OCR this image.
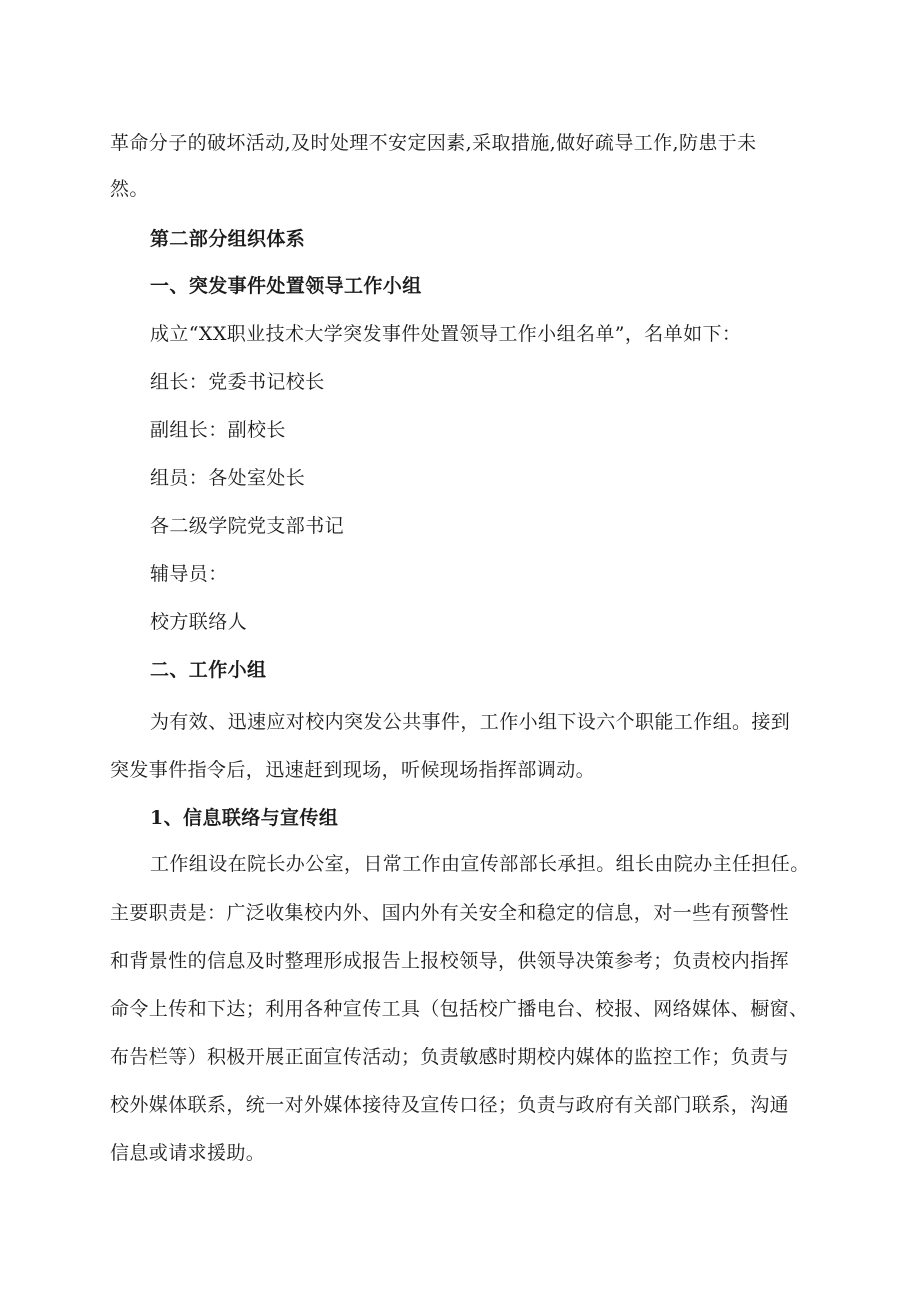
革命分子的破坏活动,及时处理不安定因素,采取措施,做好疏导工作,防患于未
然。
第二部分组织体系
一、突发事件处置领导工作小组
成立“XX职业技术大学突发事件处置领导工作小组名单”，名单如下：
组长：党委书记校长
副组长：副校长
组员：各处室处长
各二级学院党支部书记
辅导员：
校方联络人
二、工作小组
为有效、迅速应对校内突发公共事件，工作小组下设六个职能工作组。接到
突发事件指令后，迅速赶到现场，听候现场指挥部调动。
1、信息联络与宣传组
工作组设在院长办公室，日常工作由宣传部部长承担。组长由院办主任担任。
主要职责是：广泛收集校内外、国内外有关安全和稳定的信息，对一些有预警性
和背景性的信息及时整理形成报告上报校领导，供领导决策参考；负责校内指挥
命令上传和下达；利用各种宣传工具（包括校广播电台、校报、网络媒体、橱窗、
布告栏等）积极开展正面宣传活动；负责敏感时期校内媒体的监控工作；负责与
校外媒体联系，统一对外媒体接待及宣传口径；负责与政府有关部门联系，沟通
信息或请求援助。
